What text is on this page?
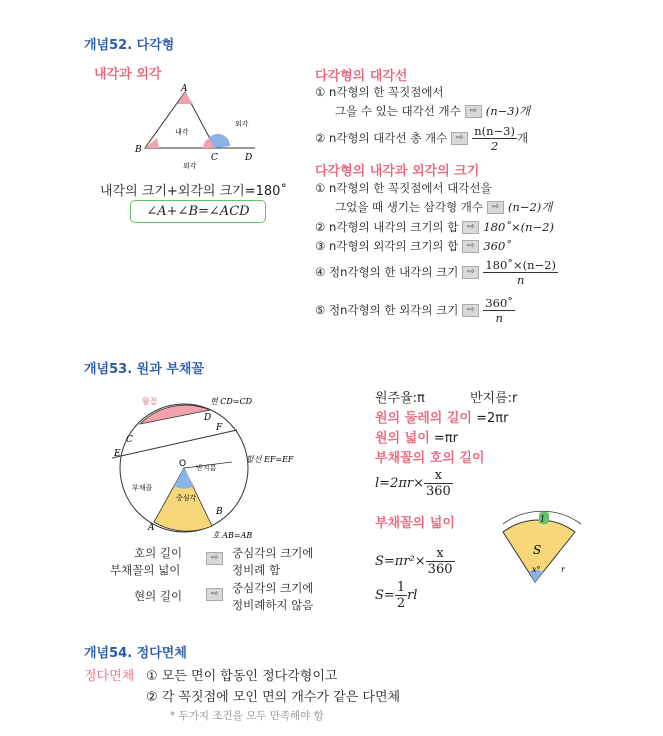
개념52. 다각형
내각과 외각
A
B
C	D
내각
외각
외각
내각의 크기+외각의 크기=180˚
∠A+∠B=∠ACD
다각형의 대각선
① n각형의 한 꼭짓점에서
그을 수 있는 대각선 개수 ⇨ (n−3)개
② n각형의 대각선 총 개수 ⇨ $\frac{n(n-3)}{2}$ 개
다각형의 내각과 외각의 크기
① n각형의 한 꼭짓점에서 대각선을
그었을 때 생기는 삼각형 개수 ⇨ (n−2)개
② n각형의 내각의 크기의 합 ⇨ 180˚×(n−2)
③ n각형의 외각의 크기의 합 ⇨ 360˚
④ 정n각형의 한 내각의 크기 ⇨ $\frac{180˚\times(n-2)}{n}$
⑤ 정n각형의 한 외각의 크기 ⇨ $\frac{360˚}{n}$
개념53. 원과 부채꼴
활꼴	현 CD=CD
C
D
E
F
할선 EF=EF
O 반지름
부채꼴
중심각
A
B
호 AB=AB
호의 길이
부채꼴의 넓이
⇨	중심각의 크기에
정비례 함
현의 길이	⇨	중심각의 크기에
정비례하지 않음
원주율:π	반지름:r
원의 둘레의 길이 =2πr
원의 넓이 =πr
부채꼴의 호의 길이
$l=2\pi r\times \frac{x}{360}$
부채꼴의 넓이
$S=\pi r^2\times \frac{x}{360}$
$S= \frac{1}{2}$ rl
l
S
x°	r
개념54. 정다면체
정다면체 ① 모든 면이 합동인 정다각형이고
② 각 꼭짓점에 모인 면의 개수가 같은 다면체
* 두가지 조건을 모두 만족해야 함
